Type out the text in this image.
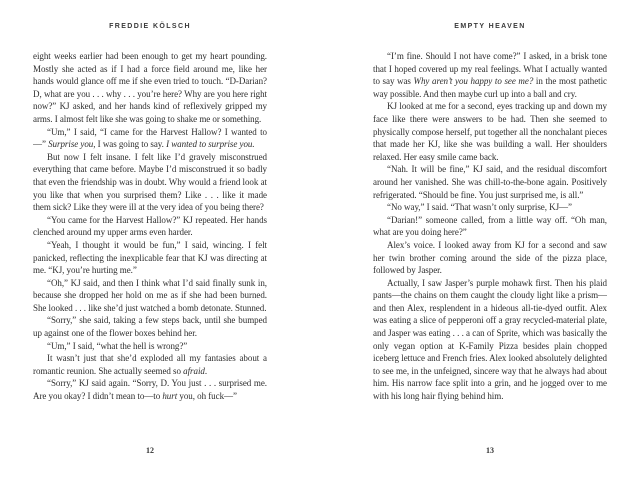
FREDDIE KÖLSCH

eight weeks earlier had been enough to get my heart pounding. Mostly she acted as if I had a force field around me, like her hands would glance off me if she even tried to touch. “D-Darian? D, what are you . . . why . . . you’re here? Why are you here right now?” KJ asked, and her hands kind of reflexively gripped my arms. I almost felt like she was going to shake me or something.

“Um,” I said, “I came for the Harvest Hallow? I wanted to—” Surprise you, I was going to say. I wanted to surprise you.

But now I felt insane. I felt like I’d gravely misconstrued everything that came before. Maybe I’d misconstrued it so badly that even the friendship was in doubt. Why would a friend look at you like that when you surprised them? Like . . . like it made them sick? Like they were ill at the very idea of you being there?

“You came for the Harvest Hallow?” KJ repeated. Her hands clenched around my upper arms even harder.

“Yeah, I thought it would be fun,” I said, wincing. I felt panicked, reflecting the inexplicable fear that KJ was directing at me. “KJ, you’re hurting me.”

“Oh,” KJ said, and then I think what I’d said finally sunk in, because she dropped her hold on me as if she had been burned. She looked . . . like she’d just watched a bomb detonate. Stunned.

“Sorry,” she said, taking a few steps back, until she bumped up against one of the flower boxes behind her.

“Um,” I said, “what the hell is wrong?”

It wasn’t just that she’d exploded all my fantasies about a romantic reunion. She actually seemed so afraid.

“Sorry,” KJ said again. “Sorry, D. You just . . . surprised me. Are you okay? I didn’t mean to—to hurt you, oh fuck—”

12
EMPTY HEAVEN

“I’m fine. Should I not have come?” I asked, in a brisk tone that I hoped covered up my real feelings. What I actually wanted to say was Why aren’t you happy to see me? in the most pathetic way possible. And then maybe curl up into a ball and cry.

KJ looked at me for a second, eyes tracking up and down my face like there were answers to be had. Then she seemed to physically compose herself, put together all the nonchalant pieces that made her KJ, like she was building a wall. Her shoulders relaxed. Her easy smile came back.

“Nah. It will be fine,” KJ said, and the residual discomfort around her vanished. She was chill-to-the-bone again. Positively refrigerated. “Should be fine. You just surprised me, is all.”

“No way,” I said. “That wasn’t only surprise, KJ—”

“Darian!” someone called, from a little way off. “Oh man, what are you doing here?”

Alex’s voice. I looked away from KJ for a second and saw her twin brother coming around the side of the pizza place, followed by Jasper.

Actually, I saw Jasper’s purple mohawk first. Then his plaid pants—the chains on them caught the cloudy light like a prism—and then Alex, resplendent in a hideous all-tie-dyed outfit. Alex was eating a slice of pepperoni off a gray recycled-material plate, and Jasper was eating . . . a can of Sprite, which was basically the only vegan option at K-Family Pizza besides plain chopped iceberg lettuce and French fries. Alex looked absolutely delighted to see me, in the unfeigned, sincere way that he always had about him. His narrow face split into a grin, and he jogged over to me with his long hair flying behind him.

13
